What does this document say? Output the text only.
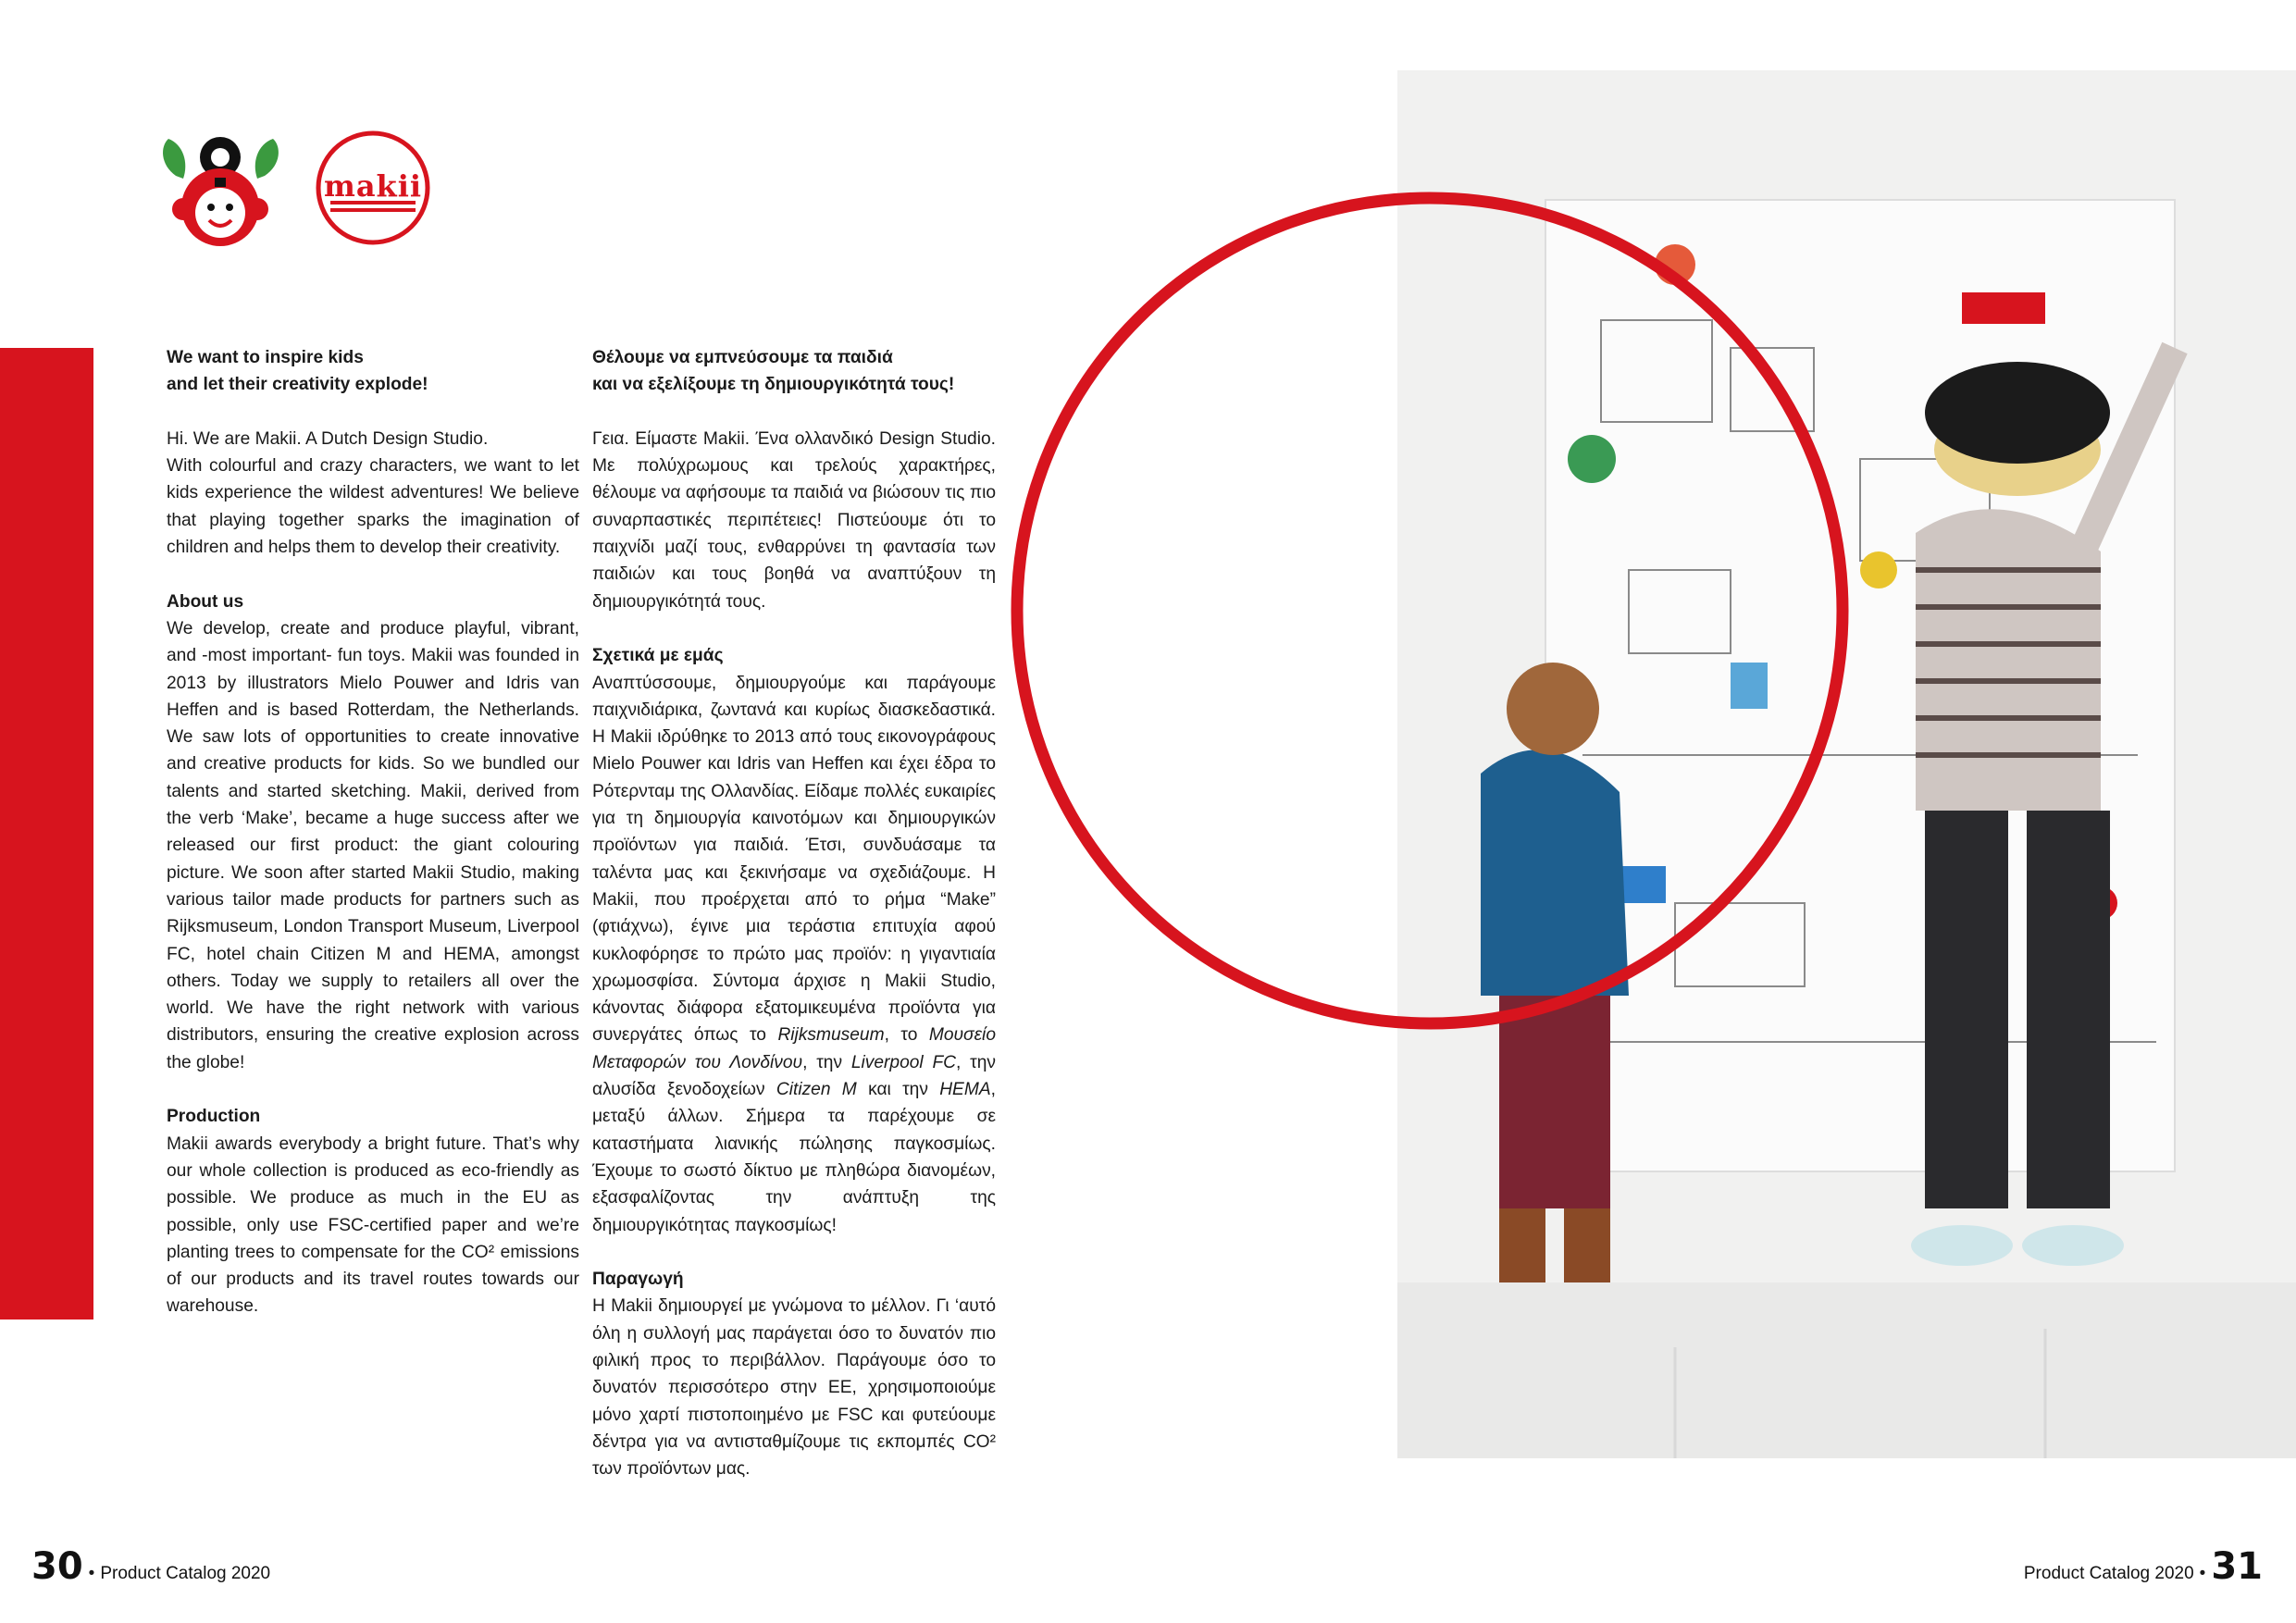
makii

We want to inspire kids

and let their creativity explode!

Hi. We are Makii. A Dutch Design Studio.

With colourful and crazy characters, we want to let kids experience the wildest adventures! We believe that playing together sparks the imagination of children and helps them to develop their creativity.

About us

We develop, create and produce playful, vibrant, and -most important- fun toys. Makii was founded in 2013 by illustrators Mielo Pouwer and Idris van Heffen and is based Rotterdam, the Netherlands. We saw lots of opportunities to create innovative and creative products for kids. So we bundled our talents and started sketching. Makii, derived from the verb ‘Make’, became a huge success after we released our first product: the giant colouring picture. We soon after started Makii Studio, making various tailor made products for partners such as Rijksmuseum, London Transport Museum, Liverpool FC, hotel chain Citizen M and HEMA, amongst others. Today we supply to retailers all over the world. We have the right network with various distributors, ensuring the creative explosion across the globe!

Production

Makii awards everybody a bright future. That’s why our whole collection is produced as eco-friendly as possible. We produce as much in the EU as possible, only use FSC-certified paper and we’re planting trees to compensate for the CO² emissions of our products and its travel routes towards our warehouse.

Θέλουμε να εμπνεύσουμε τα παιδιά

και να εξελίξουμε τη δημιουργικότητά τους!

Γεια. Είμαστε Makii. Ένα ολλανδικό Design Studio. Με πολύχρωμους και τρελούς χαρακτήρες, θέλουμε να αφήσουμε τα παιδιά να βιώσουν τις πιο συναρπαστικές περιπέτειες! Πιστεύουμε ότι το παιχνίδι μαζί τους, ενθαρρύνει τη φαντασία των παιδιών και τους βοηθά να αναπτύξουν τη δημιουργικότητά τους.

Σχετικά με εμάς

Αναπτύσσουμε, δημιουργούμε και παράγουμε παιχνιδιάρικα, ζωντανά και κυρίως διασκεδαστικά. Η Makii ιδρύθηκε το 2013 από τους εικονογράφους Mielo Pouwer και Idris van Heffen και έχει έδρα το Ρότερνταμ της Ολλανδίας. Είδαμε πολλές ευκαιρίες για τη δημιουργία καινοτόμων και δημιουργικών προϊόντων για παιδιά. Έτσι, συνδυάσαμε τα ταλέντα μας και ξεκινήσαμε να σχεδιάζουμε. Η Makii, που προέρχεται από το ρήμα “Make” (φτιάχνω), έγινε μια τεράστια επιτυχία αφού κυκλοφόρησε το πρώτο μας προϊόν: η γιγαντιαία χρωμοσφίσα. Σύντομα άρχισε η Makii Studio, κάνοντας διάφορα εξατομικευμένα προϊόντα για συνεργάτες όπως το Rijksmuseum, το Μουσείο Μεταφορών του Λονδίνου, την Liverpool FC, την αλυσίδα ξενοδοχείων Citizen M και την HEMA, μεταξύ άλλων. Σήμερα τα παρέχουμε σε καταστήματα λιανικής πώλησης παγκοσμίως. Έχουμε το σωστό δίκτυο με πληθώρα διανομέων, εξασφαλίζοντας την ανάπτυξη της δημιουργικότητας παγκοσμίως!

Παραγωγή

Η Makii δημιουργεί με γνώμονα το μέλλον. Γι ‘αυτό όλη η συλλογή μας παράγεται όσο το δυνατόν πιο φιλική προς το περιβάλλον. Παράγουμε όσο το δυνατόν περισσότερο στην ΕΕ, χρησιμοποιούμε μόνο χαρτί πιστοποιημένο με FSC και φυτεύουμε δέντρα για να αντισταθμίζουμε τις εκπομπές CO² των προϊόντων μας.

30 • Product Catalog 2020	Product Catalog 2020 • 31
